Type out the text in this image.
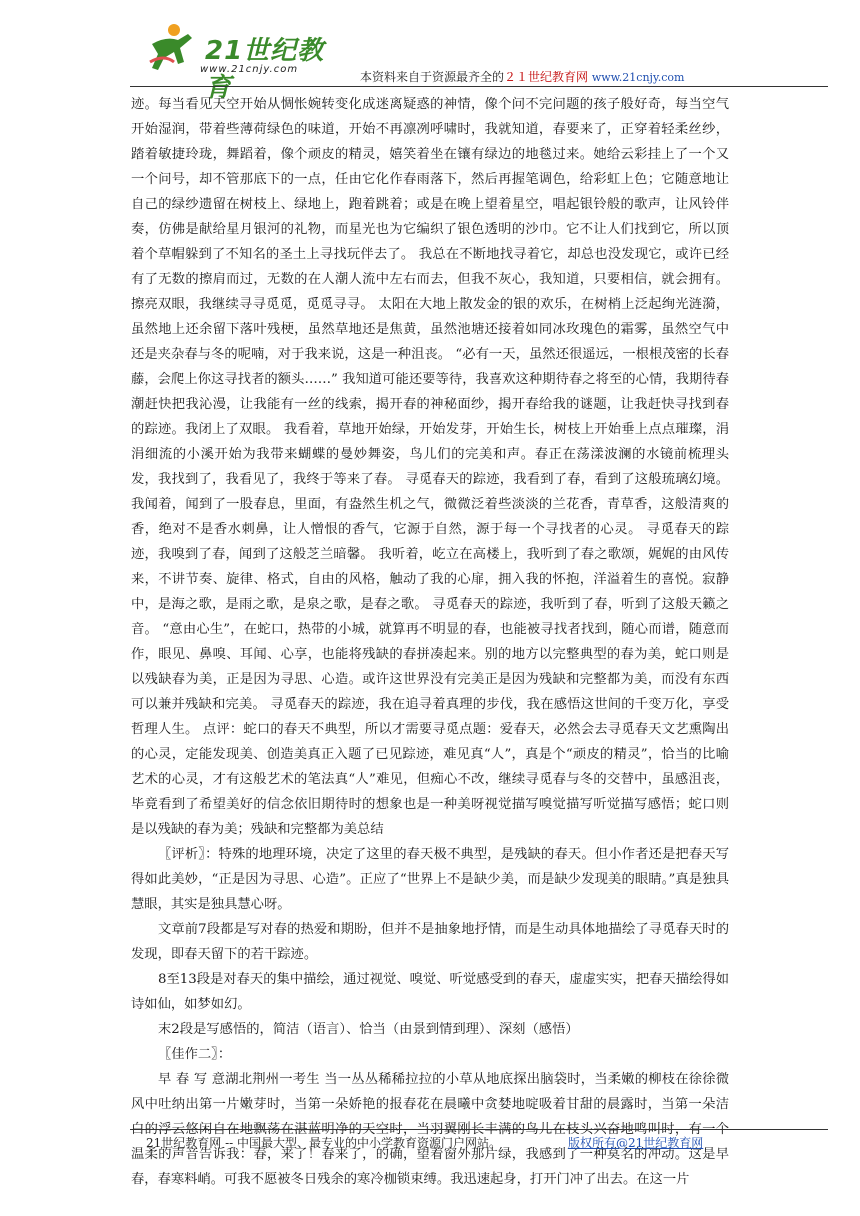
21世纪教育
www.21cnjy.com
本资料来自于资源最齐全的２１世纪教育网 www.21cnjy.com

迹。每当看见天空开始从惆怅婉转变化成迷离疑惑的神情，像个问不完问题的孩子般好奇，每当空气开始湿润，带着些薄荷绿色的味道，开始不再凛冽呼啸时，我就知道，春要来了，正穿着轻柔丝纱，踏着敏捷玲珑，舞蹈着，像个顽皮的精灵，嬉笑着坐在镶有绿边的地毯过来。她给云彩挂上了一个又一个问号，却不管那底下的一点，任由它化作春雨落下，然后再握笔调色，给彩虹上色；它随意地让自己的绿纱遗留在树枝上、绿地上，跑着跳着；或是在晚上望着星空，唱起银铃般的歌声，让风铃伴奏，仿佛是献给星月银河的礼物，而星光也为它编织了银色透明的沙巾。它不让人们找到它，所以顶着个草帽躲到了不知名的圣土上寻找玩伴去了。 我总在不断地找寻着它，却总也没发现它，或许已经有了无数的擦肩而过，无数的在人潮人流中左右而去，但我不灰心，我知道，只要相信，就会拥有。擦亮双眼，我继续寻寻觅觅，觅觅寻寻。 太阳在大地上散发金的银的欢乐，在树梢上泛起绚光涟漪，虽然地上还余留下落叶残梗，虽然草地还是焦黄，虽然池塘还接着如同冰玫瑰色的霜雾，虽然空气中还是夹杂春与冬的呢喃，对于我来说，这是一种沮丧。 “必有一天，虽然还很遥远，一根根茂密的长春藤，会爬上你这寻找者的额头……” 我知道可能还要等待，我喜欢这种期待春之将至的心情，我期待春潮赶快把我沁漫，让我能有一丝的线索，揭开春的神秘面纱，揭开春给我的谜题，让我赶快寻找到春的踪迹。我闭上了双眼。 我看着，草地开始绿，开始发芽，开始生长，树枝上开始垂上点点璀璨，涓涓细流的小溪开始为我带来蝴蝶的曼妙舞姿，鸟儿们的完美和声。春正在荡漾波澜的水镜前梳理头发，我找到了，我看见了，我终于等来了春。 寻觅春天的踪迹，我看到了春，看到了这般琉璃幻境。 我闻着，闻到了一股春息，里面，有盎然生机之气，微微泛着些淡淡的兰花香，青草香，这般清爽的香，绝对不是香水刺鼻，让人憎恨的香气，它源于自然，源于每一个寻找者的心灵。 寻觅春天的踪迹，我嗅到了春，闻到了这般芝兰暗馨。 我听着，屹立在高楼上，我听到了春之歌颂，娓娓的由风传来，不讲节奏、旋律、格式，自由的风格，触动了我的心扉，拥入我的怀抱，洋溢着生的喜悦。寂静中，是海之歌，是雨之歌，是泉之歌，是春之歌。 寻觅春天的踪迹，我听到了春，听到了这般天籁之音。 “意由心生”，在蛇口，热带的小城，就算再不明显的春，也能被寻找者找到，随心而谱，随意而作，眼见、鼻嗅、耳闻、心享，也能将残缺的春拼凑起来。别的地方以完整典型的春为美，蛇口则是以残缺春为美，正是因为寻思、心造。或许这世界没有完美正是因为残缺和完整都为美，而没有东西可以兼并残缺和完美。 寻觅春天的踪迹，我在追寻着真理的步伐，我在感悟这世间的千变万化，享受哲理人生。 点评：蛇口的春天不典型，所以才需要寻觅点题：爱春天，必然会去寻觅春天文艺熏陶出的心灵，定能发现美、创造美真正入题了已见踪迹，难见真“人”，真是个“顽皮的精灵”，恰当的比喻艺术的心灵，才有这般艺术的笔法真“人”难见，但痴心不改，继续寻觅春与冬的交替中，虽感沮丧，毕竟看到了希望美好的信念依旧期待时的想象也是一种美呀视觉描写嗅觉描写听觉描写感悟；蛇口则是以残缺的春为美；残缺和完整都为美总结

〖评析〗：特殊的地理环境，决定了这里的春天极不典型，是残缺的春天。但小作者还是把春天写得如此美妙，“正是因为寻思、心造”。正应了“世界上不是缺少美，而是缺少发现美的眼睛。”真是独具慧眼，其实是独具慧心呀。

文章前7段都是写对春的热爱和期盼，但并不是抽象地抒情，而是生动具体地描绘了寻觅春天时的发现，即春天留下的若干踪迹。

8至13段是对春天的集中描绘，通过视觉、嗅觉、听觉感受到的春天，虚虚实实，把春天描绘得如诗如仙，如梦如幻。

末2段是写感悟的，简洁（语言）、恰当（由景到情到理）、深刻（感悟）

〖佳作二〗：

早 春 写 意湖北荆州一考生 当一丛丛稀稀拉拉的小草从地底探出脑袋时，当柔嫩的柳枝在徐徐微风中吐纳出第一片嫩芽时，当第一朵娇艳的报春花在晨曦中贪婪地啶吸着甘甜的晨露时，当第一朵洁白的浮云悠闲自在地飘荡在湛蓝明净的天空时，当羽翼刚长丰满的鸟儿在枝头兴奋地鸣叫时，有一个温柔的声音告诉我：春，来了！春来了，的确，望着窗外那片绿，我感到了一种莫名的冲动。这是早春，春寒料峭。可我不愿被冬日残余的寒冷枷锁束缚。我迅速起身，打开门冲了出去。在这一片

21世纪教育网 -- 中国最大型、最专业的中小学教育资源门户网站。	版权所有@21世纪教育网
